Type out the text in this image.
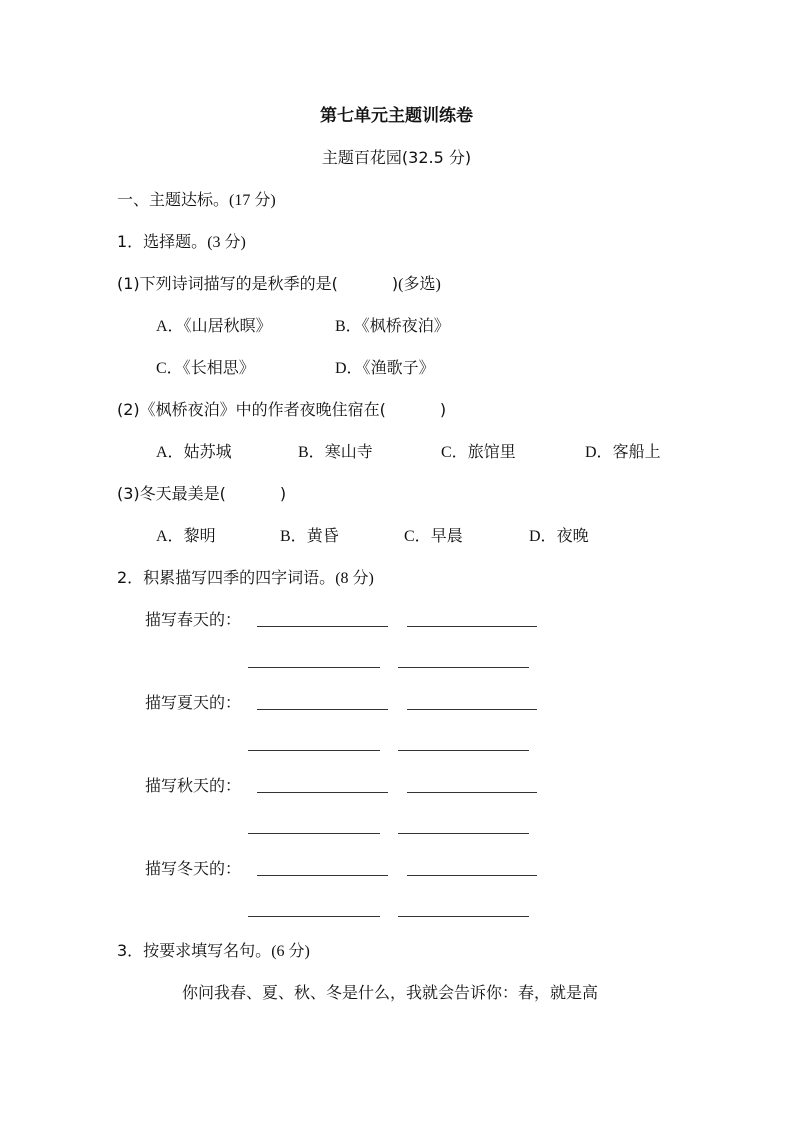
第七单元主题训练卷
主题百花园(32.5 分)
一、主题达标。(17 分)
1．选择题。(3 分)
(1)下列诗词描写的是秋季的是(	)(多选)
A．《山居秋暝》	B．《枫桥夜泊》
C．《长相思》	D．《渔歌子》
(2)《枫桥夜泊》中的作者夜晚住宿在(	)
A．姑苏城	B．寒山寺	C．旅馆里	D．客船上
(3)冬天最美是(	)
A．黎明	B．黄昏	C．早晨	D．夜晚
2．积累描写四季的四字词语。(8 分)
描写春天的：
描写夏天的：
描写秋天的：
描写冬天的：
3．按要求填写名句。(6 分)
你问我春、夏、秋、冬是什么，我就会告诉你：春，就是高
